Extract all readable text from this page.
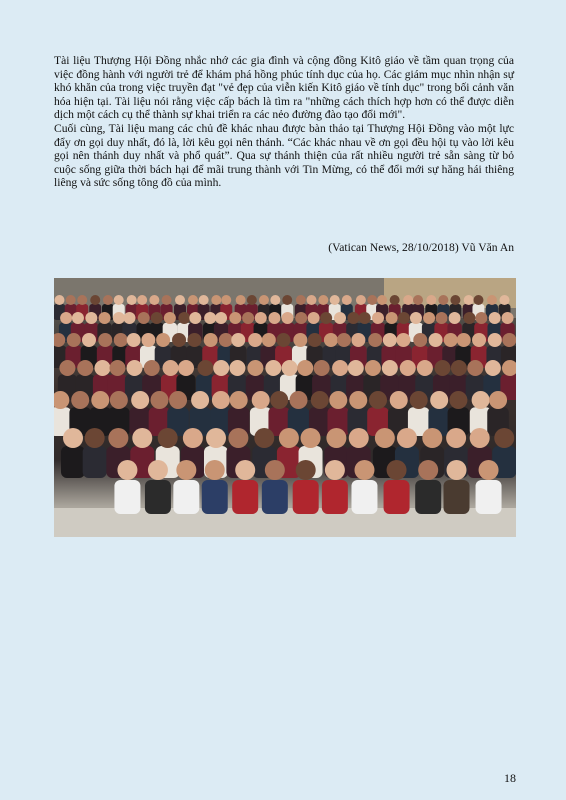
Tài liệu Thượng Hội Đồng nhắc nhớ các gia đình và cộng đồng Kitô giáo về tầm quan trọng của việc đồng hành với người trẻ để khám phá hồng phúc tính dục của họ. Các giám mục nhìn nhận sự khó khăn của trong việc truyền đạt "vẻ đẹp của viễn kiến Kitô giáo về tính dục" trong bối cảnh văn hóa hiện tại. Tài liệu nói rằng việc cấp bách là tìm ra "những cách thích hợp hơn có thể được diễn dịch một cách cụ thể thành sự khai triển ra các nẻo đường đào tạo đổi mới".

Cuối cùng, Tài liệu mang các chủ đề khác nhau được bàn thảo tại Thượng Hội Đồng vào một lực đẩy ơn gọi duy nhất, đó là, lời kêu gọi nên thánh. “Các khác nhau về ơn gọi đều hội tụ vào lời kêu gọi nên thánh duy nhất và phổ quát”. Qua sự thánh thiện của rất nhiều người trẻ sẵn sàng từ bỏ cuộc sống giữa thời bách hại để mãi trung thành với Tin Mừng, có thể đổi mới sự hăng hái thiêng liêng và sức sống tông đồ của mình.

(Vatican News, 28/10/2018) Vũ Văn An
18
